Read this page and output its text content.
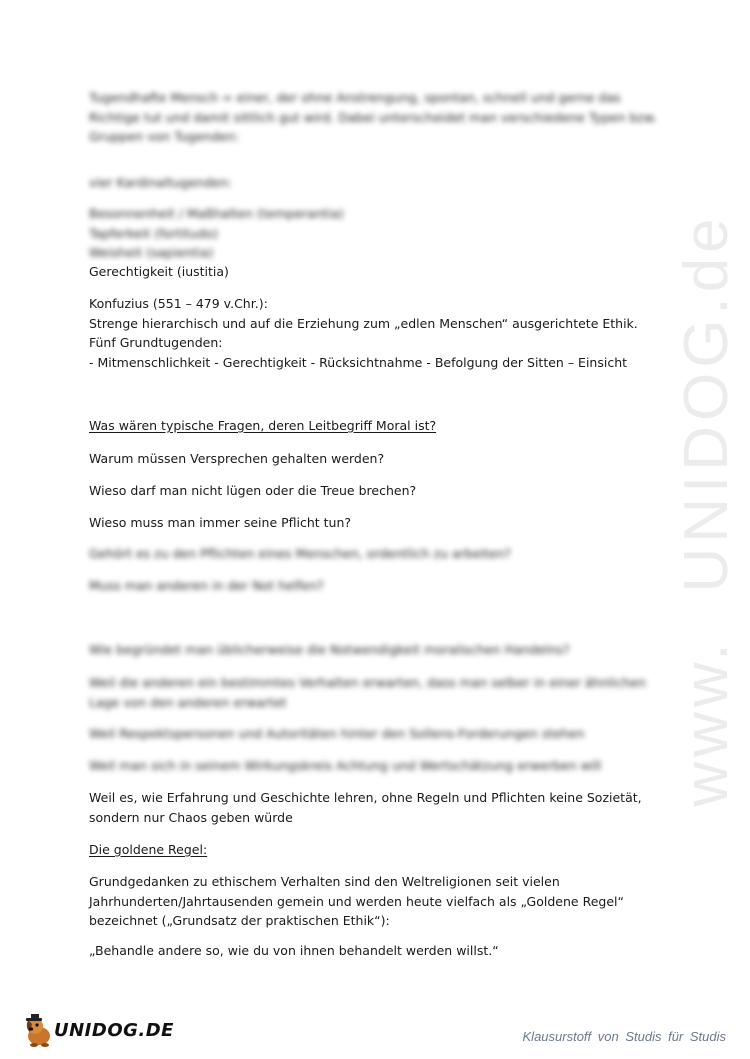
www.UNIDOG.de
Tugendhafte Mensch = einer, der ohne Anstrengung, spontan, schnell und gerne das Richtige tut und damit sittlich gut wird. Dabei unterscheidet man verschiedene Typen bzw. Gruppen von Tugenden:
vier Kardinaltugenden:
Besonnenheit / Maßhalten (temperantia)
Tapferkeit (fortitudo)
Weisheit (sapientia)
Gerechtigkeit (iustitia)
Konfuzius (551 – 479 v.Chr.):
Strenge hierarchisch und auf die Erziehung zum „edlen Menschen“ ausgerichtete Ethik.
Fünf Grundtugenden:
- Mitmenschlichkeit - Gerechtigkeit - Rücksichtnahme - Befolgung der Sitten – Einsicht
Was wären typische Fragen, deren Leitbegriff Moral ist?
Warum müssen Versprechen gehalten werden?
Wieso darf man nicht lügen oder die Treue brechen?
Wieso muss man immer seine Pflicht tun?
Gehört es zu den Pflichten eines Menschen, ordentlich zu arbeiten?
Muss man anderen in der Not helfen?
Wie begründet man üblicherweise die Notwendigkeit moralischen Handelns?
Weil die anderen ein bestimmtes Verhalten erwarten, dass man selber in einer ähnlichen Lage von den anderen erwartet
Weil Respektspersonen und Autoritäten hinter den Sollens-Forderungen stehen
Weil man sich in seinem Wirkungskreis Achtung und Wertschätzung erwerben will
Weil es, wie Erfahrung und Geschichte lehren, ohne Regeln und Pflichten keine Sozietät, sondern nur Chaos geben würde
Die goldene Regel:
Grundgedanken zu ethischem Verhalten sind den Weltreligionen seit vielen Jahrhunderten/Jahrtausenden gemein und werden heute vielfach als „Goldene Regel“ bezeichnet („Grundsatz der praktischen Ethik“):
„Behandle andere so, wie du von ihnen behandelt werden willst.“
UNIDOG.DE	Klausurstoff von Studis für Studis
